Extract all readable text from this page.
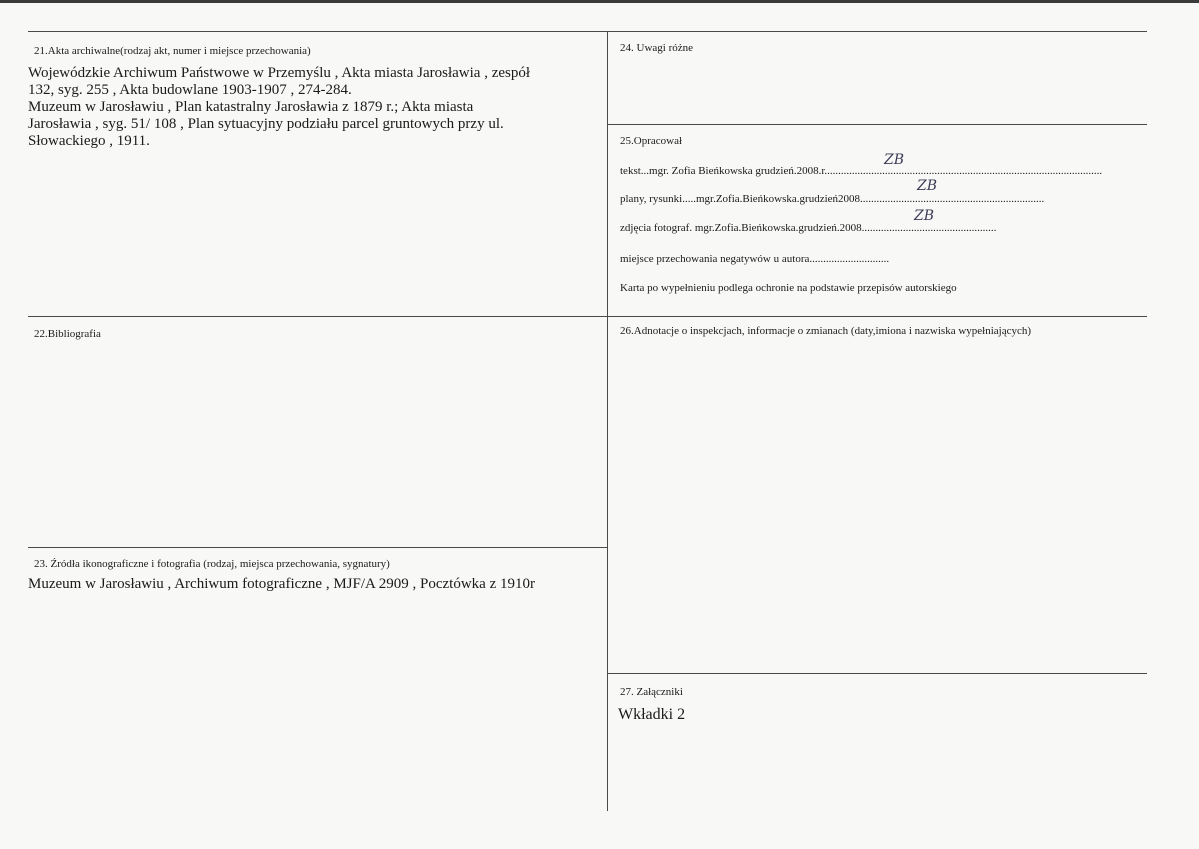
21.Akta archiwalne(rodzaj akt, numer i miejsce przechowania)
Wojewódzkie Archiwum Państwowe w Przemyślu , Akta miasta Jarosławia , zespół
132, syg. 255 , Akta budowlane 1903-1907 , 274-284.
Muzeum w Jarosławiu , Plan katastralny Jarosławia z 1879 r.; Akta miasta
Jarosławia , syg. 51/ 108 , Plan sytuacyjny podziału parcel gruntowych przy ul.
Słowackiego , 1911.
22.Bibliografia
23. Źródła ikonograficzne i fotografia (rodzaj, miejsca przechowania, sygnatury)
Muzeum w Jarosławiu , Archiwum fotograficzne , MJF/A 2909 , Pocztówka z 1910r
24. Uwagi różne
25.Opracował
tekst...mgr. Zofia Bieńkowska grudzień.2008.r.....................................................................................................
plany, rysunki.....mgr.Zofia.Bieńkowska.grudzień2008...................................................................
zdjęcia fotograf. mgr.Zofia.Bieńkowska.grudzień.2008.................................................
miejsce przechowania negatywów u autora.............................
Karta po wypełnieniu podlega ochronie na podstawie przepisów autorskiego
ZB
ZB
ZB
26.Adnotacje o inspekcjach, informacje o zmianach (daty,imiona i nazwiska wypełniających)
27. Załączniki
Wkładki 2
